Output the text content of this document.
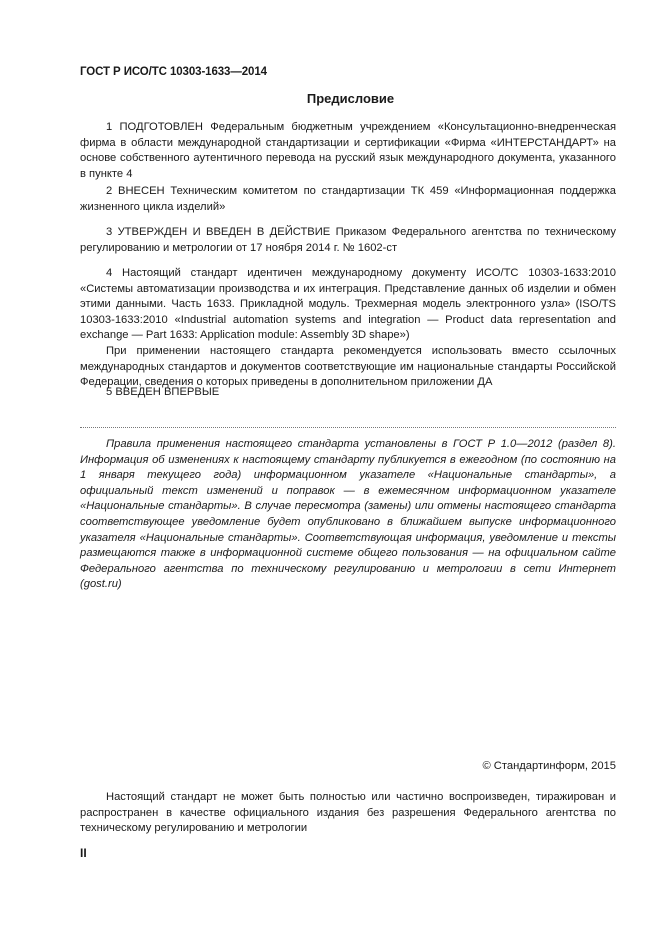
ГОСТ Р ИСО/ТС 10303-1633—2014
Предисловие

1 ПОДГОТОВЛЕН Федеральным бюджетным учреждением «Консультационно-внедренческая фирма в области международной стандартизации и сертификации «Фирма «ИНТЕРСТАНДАРТ» на основе собственного аутентичного перевода на русский язык международного документа, указанного в пункте 4

2 ВНЕСЕН Техническим комитетом по стандартизации ТК 459 «Информационная поддержка жизненного цикла изделий»

3 УТВЕРЖДЕН И ВВЕДЕН В ДЕЙСТВИЕ Приказом Федерального агентства по техническому регулированию и метрологии от 17 ноября 2014 г. № 1602-ст

4 Настоящий стандарт идентичен международному документу ИСО/ТС 10303-1633:2010 «Системы автоматизации производства и их интеграция. Представление данных об изделии и обмен этими данными. Часть 1633. Прикладной модуль. Трехмерная модель электронного узла» (ISO/TS 10303-1633:2010 «Industrial automation systems and integration — Product data representation and exchange — Part 1633: Application module: Assembly 3D shape»)

При применении настоящего стандарта рекомендуется использовать вместо ссылочных международных стандартов и документов соответствующие им национальные стандарты Российской Федерации, сведения о которых приведены в дополнительном приложении ДА

5 ВВЕДЕН ВПЕРВЫЕ

Правила применения настоящего стандарта установлены в ГОСТ Р 1.0—2012 (раздел 8). Информация об изменениях к настоящему стандарту публикуется в ежегодном (по состоянию на 1 января текущего года) информационном указателе «Национальные стандарты», а официальный текст изменений и поправок — в ежемесячном информационном указателе «Национальные стандарты». В случае пересмотра (замены) или отмены настоящего стандарта соответствующее уведомление будет опубликовано в ближайшем выпуске информационного указателя «Национальные стандарты». Соответствующая информация, уведомление и тексты размещаются также в информационной системе общего пользования — на официальном сайте Федерального агентства по техническому регулированию и метрологии в сети Интернет (gost.ru)

© Стандартинформ, 2015

Настоящий стандарт не может быть полностью или частично воспроизведен, тиражирован и распространен в качестве официального издания без разрешения Федерального агентства по техническому регулированию и метрологии

II
